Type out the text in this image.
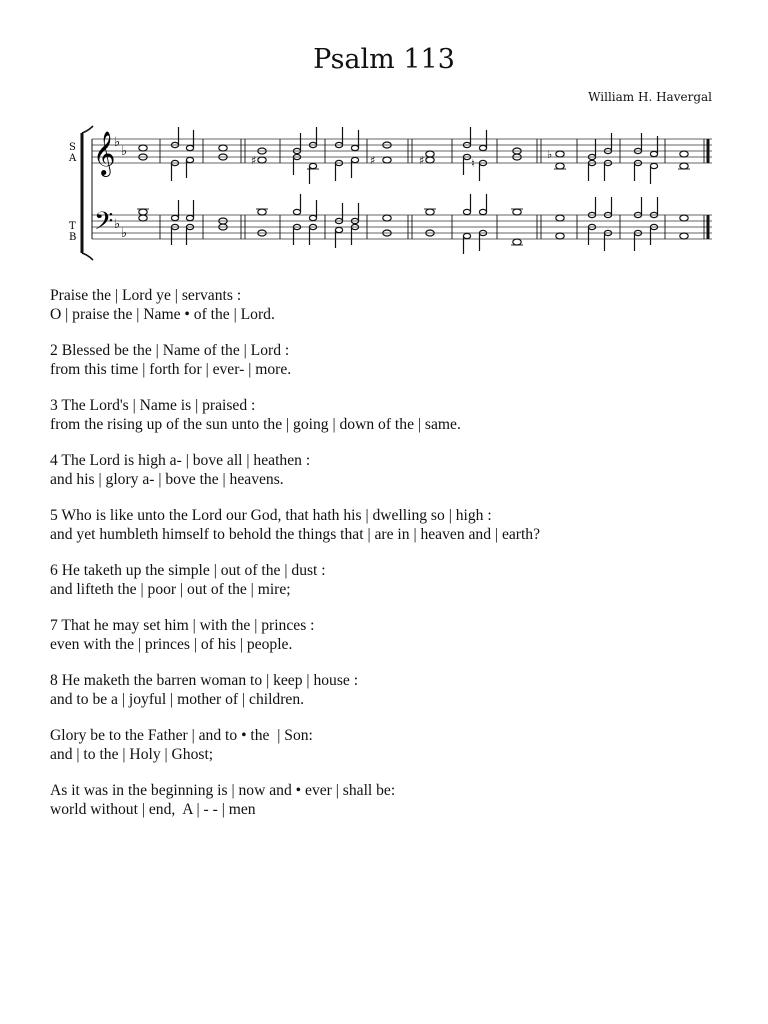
Psalm 113
William H. Havergal
S
A
T
B
𝄞
𝄢
♭
♭
♭
♭
♯	♯	♯	♮
♭
Praise the | Lord ye | servants :
O | praise the | Name • of the | Lord.
2 Blessed be the | Name of the | Lord :
from this time | forth for | ever- | more.
3 The Lord's | Name is | praised :
from the rising up of the sun unto the | going | down of the | same.
4 The Lord is high a- | bove all | heathen :
and his | glory a- | bove the | heavens.
5 Who is like unto the Lord our God, that hath his | dwelling so | high :
and yet humbleth himself to behold the things that | are in | heaven and | earth?
6 He taketh up the simple | out of the | dust :
and lifteth the | poor | out of the | mire;
7 That he may set him | with the | princes :
even with the | princes | of his | people.
8 He maketh the barren woman to | keep | house :
and to be a | joyful | mother of | children.
Glory be to the Father | and to • the  | Son:
and | to the | Holy | Ghost;
As it was in the beginning is | now and • ever | shall be:
world without | end,  A | - - | men
